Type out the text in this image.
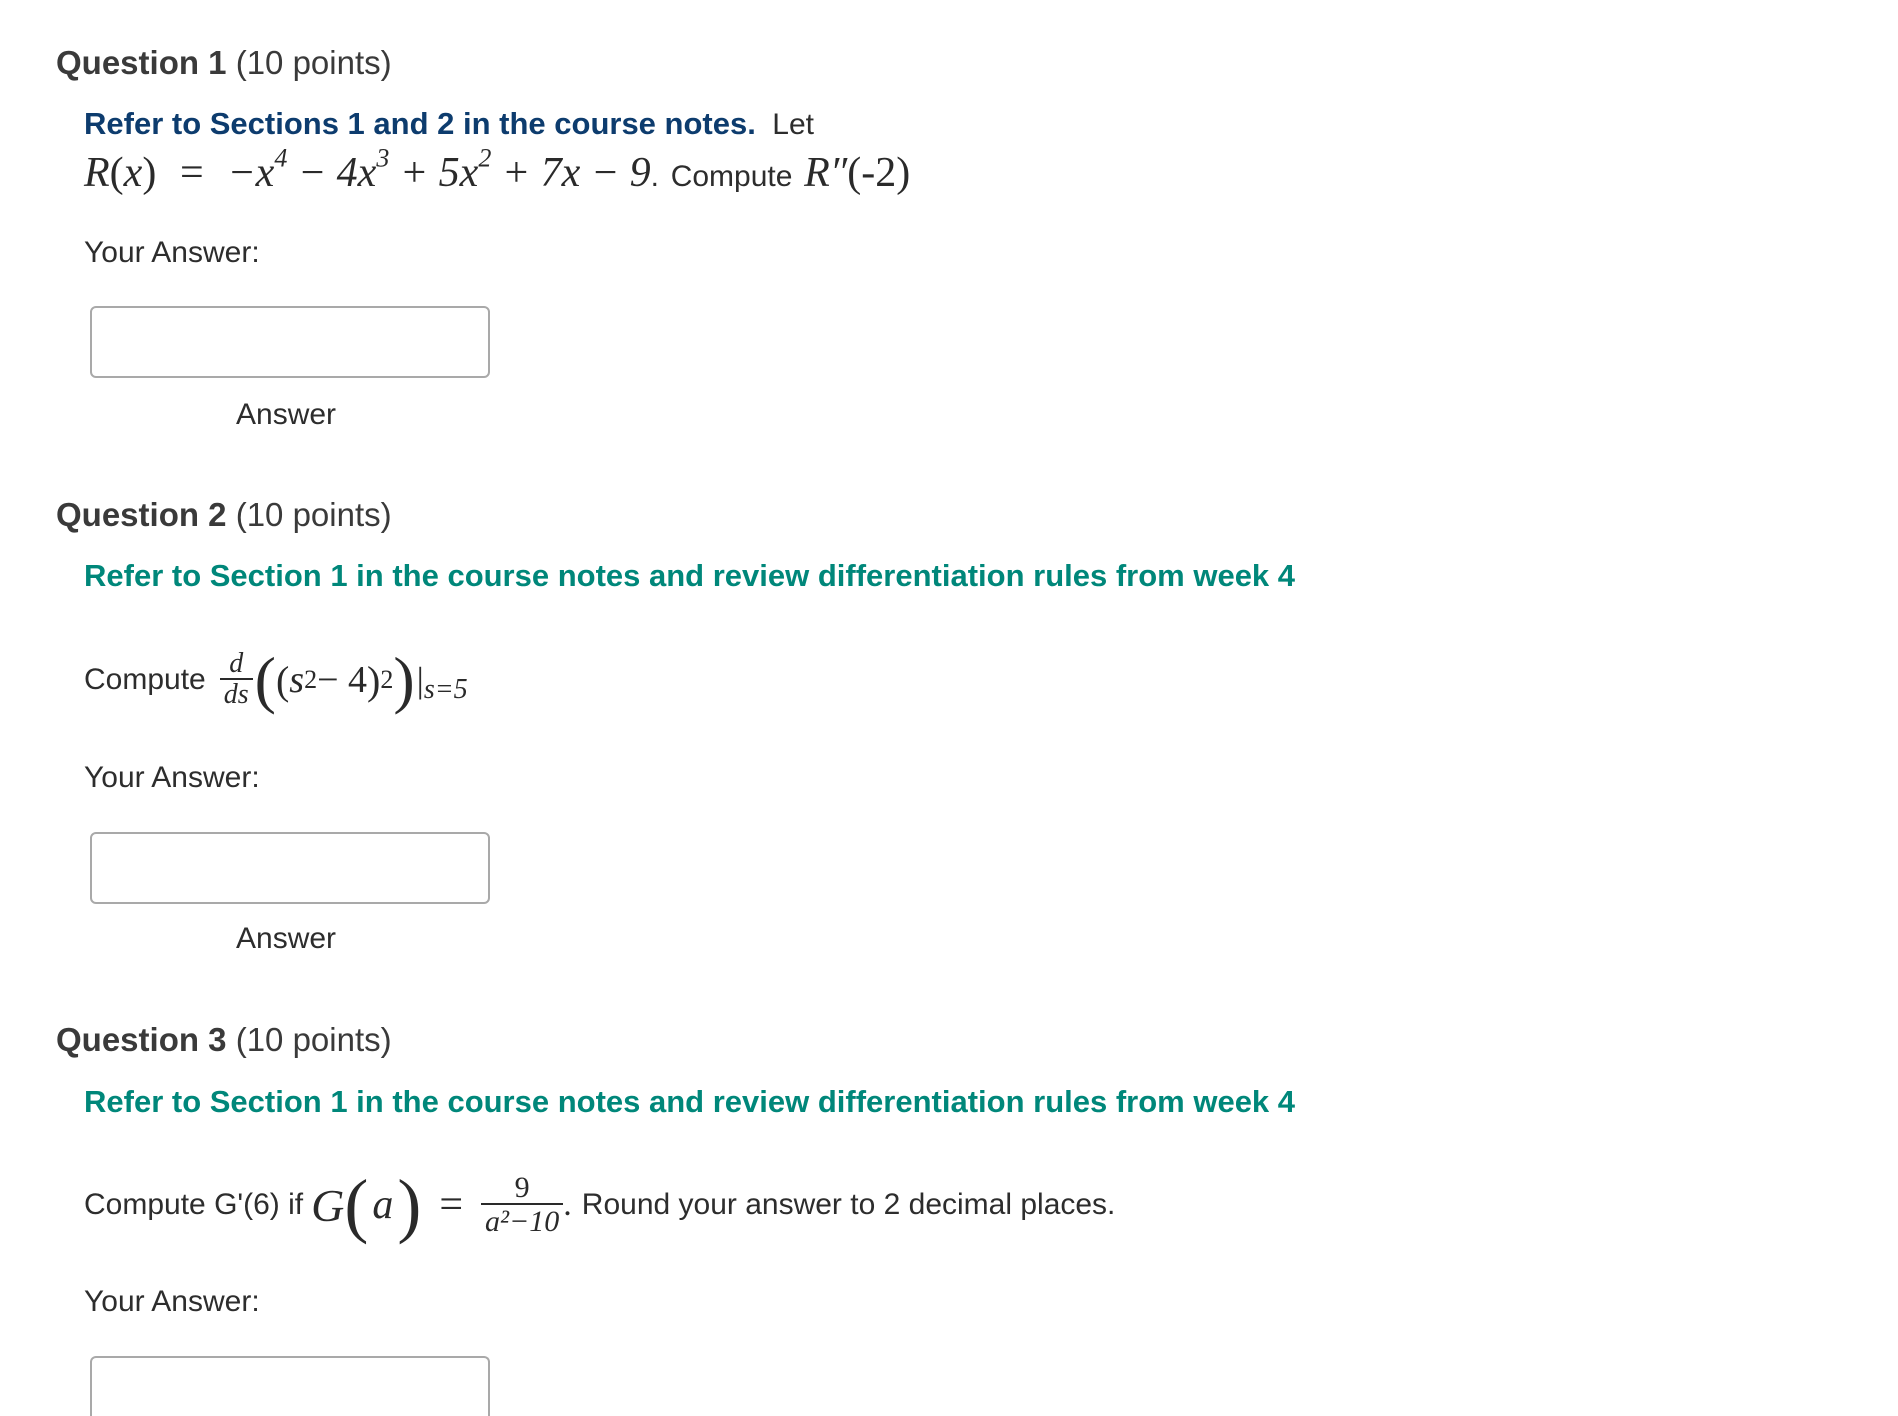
Question 1 (10 points)
Refer to Sections 1 and 2 in the course notes. Let
$R(x) = -x^4 - 4x^3 + 5x^2 + 7x - 9$. Compute R″(-2)
Your Answer:
Answer
Question 2 (10 points)
Refer to Section 1 in the course notes and review differentiation rules from week 4
Compute $\frac{d}{ds}$ ( ( s 2 − 4 ) 2 ) | s=5
Your Answer:
Answer
Question 3 (10 points)
Refer to Section 1 in the course notes and review differentiation rules from week 4
Compute G'(6) if G ( a ) = $\frac{9}{\text{a²−10}}$ . Round your answer to 2 decimal places.
Your Answer:
